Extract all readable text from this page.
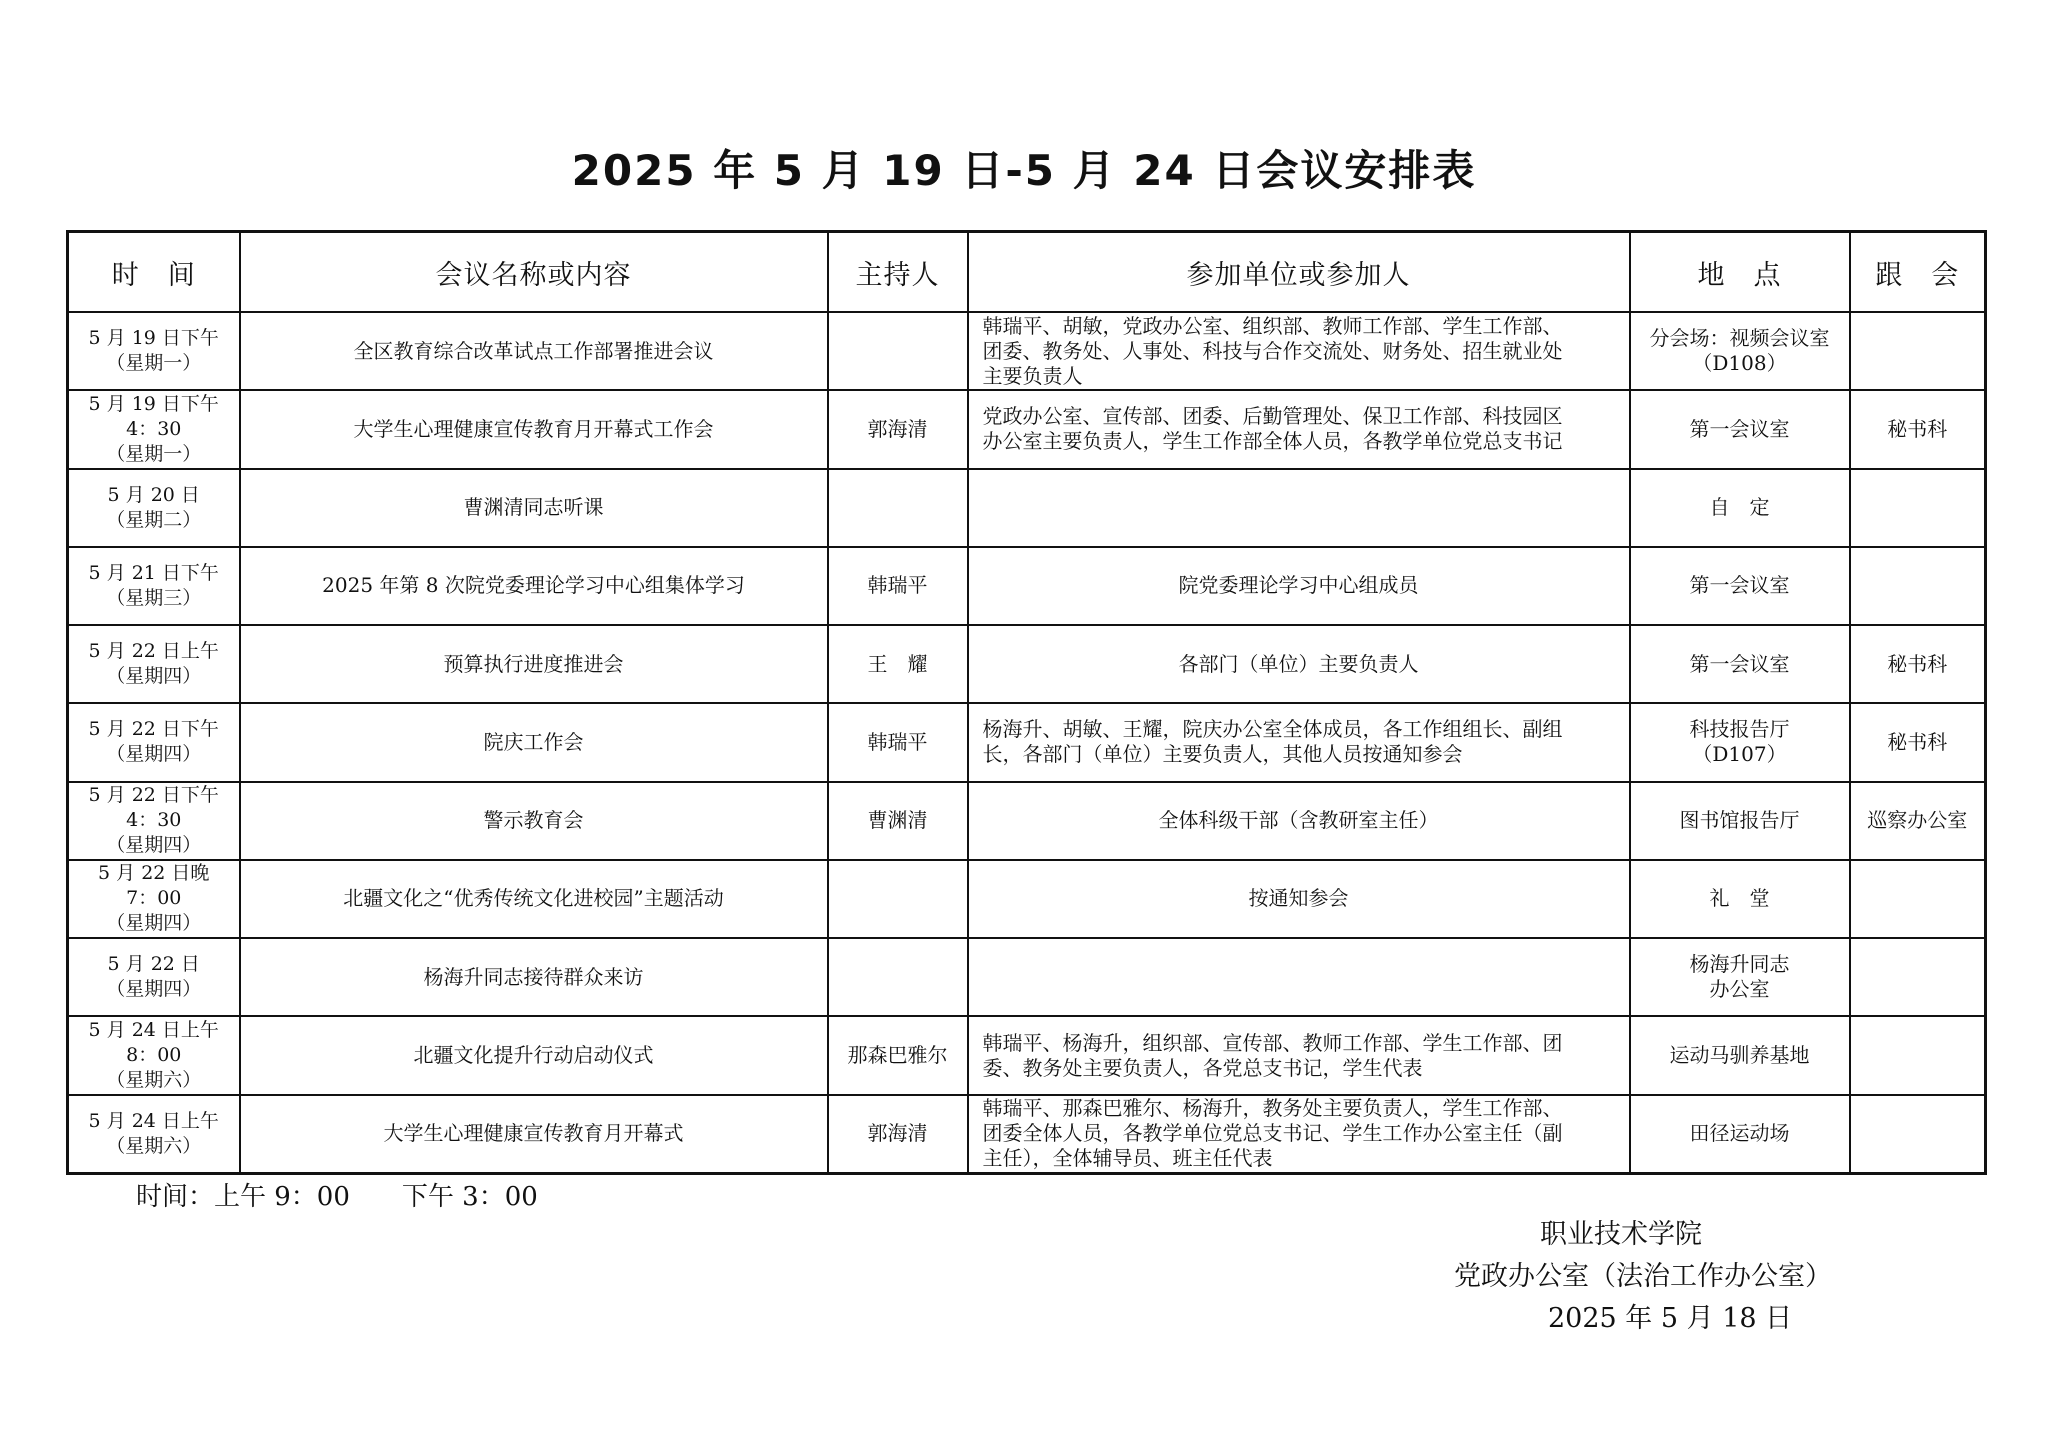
2025 年 5 月 19 日-5 月 24 日会议安排表
时　间	会议名称或内容	主持人	参加单位或参加人	地　点	跟　会

5 月 19 日下午
（星期一）	全区教育综合改革试点工作部署推进会议		韩瑞平、胡敏，党政办公室、组织部、教师工作部、学生工作部、
团委、教务处、人事处、科技与合作交流处、财务处、招生就业处
主要负责人	分会场：视频会议室
（D108）	

5 月 19 日下午
4：30
（星期一）	大学生心理健康宣传教育月开幕式工作会	郭海清	党政办公室、宣传部、团委、后勤管理处、保卫工作部、科技园区
办公室主要负责人，学生工作部全体人员，各教学单位党总支书记	第一会议室	秘书科

5 月 20 日
（星期二）	曹渊清同志听课			自　定	

5 月 21 日下午
（星期三）	2025 年第 8 次院党委理论学习中心组集体学习	韩瑞平	院党委理论学习中心组成员	第一会议室	

5 月 22 日上午
（星期四）	预算执行进度推进会	王　耀	各部门（单位）主要负责人	第一会议室	秘书科

5 月 22 日下午
（星期四）	院庆工作会	韩瑞平	杨海升、胡敏、王耀，院庆办公室全体成员，各工作组组长、副组
长，各部门（单位）主要负责人，其他人员按通知参会	科技报告厅
（D107）	秘书科

5 月 22 日下午
4：30
（星期四）	警示教育会	曹渊清	全体科级干部（含教研室主任）	图书馆报告厅	巡察办公室

5 月 22 日晚
7：00
（星期四）	北疆文化之“优秀传统文化进校园”主题活动		按通知参会	礼　堂	

5 月 22 日
（星期四）	杨海升同志接待群众来访			杨海升同志
办公室	

5 月 24 日上午
8：00
（星期六）	北疆文化提升行动启动仪式	那森巴雅尔	韩瑞平、杨海升，组织部、宣传部、教师工作部、学生工作部、团
委、教务处主要负责人，各党总支书记，学生代表	运动马驯养基地	

5 月 24 日上午
（星期六）	大学生心理健康宣传教育月开幕式	郭海清	韩瑞平、那森巴雅尔、杨海升，教务处主要负责人，学生工作部、
团委全体人员，各教学单位党总支书记、学生工作办公室主任（副
主任），全体辅导员、班主任代表	田径运动场	

时间：上午 9：00　　下午 3：00
职业技术学院
党政办公室（法治工作办公室）
2025 年 5 月 18 日
